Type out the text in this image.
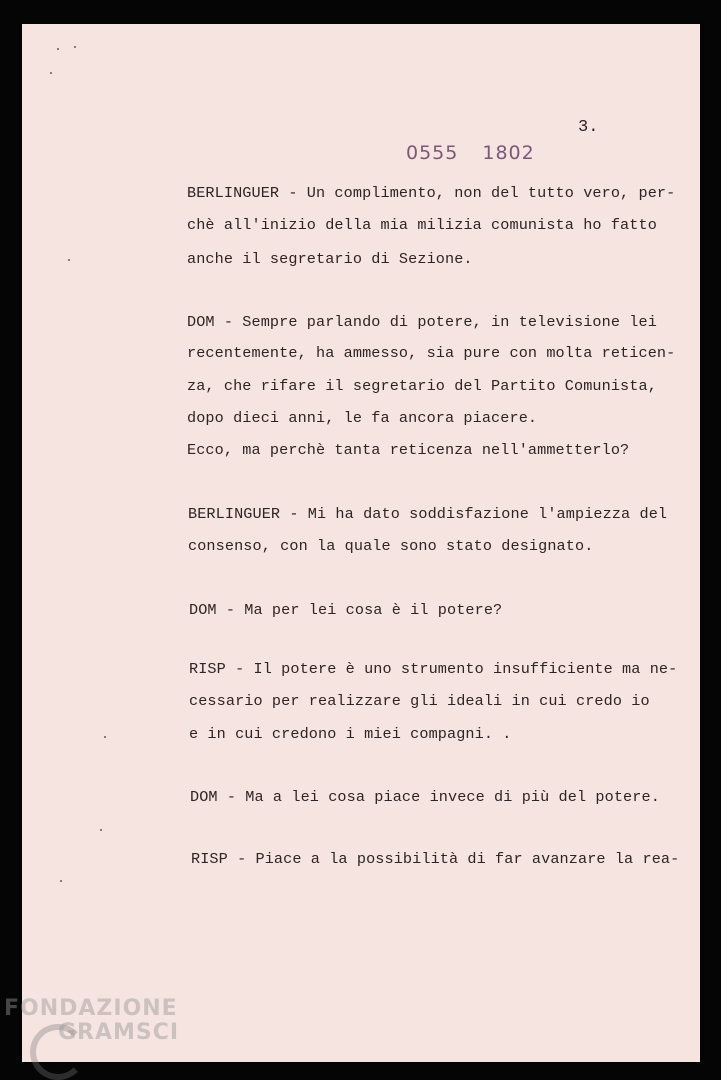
3.
0555 1802
BERLINGUER - Un complimento, non del tutto vero, per-
chè all'inizio della mia milizia comunista ho fatto
anche il segretario di Sezione.
DOM - Sempre parlando di potere, in televisione lei
recentemente, ha ammesso, sia pure con molta reticen-
za, che rifare il segretario del Partito Comunista,
dopo dieci anni, le fa ancora piacere.
Ecco, ma perchè tanta reticenza nell'ammetterlo?
BERLINGUER - Mi ha dato soddisfazione l'ampiezza del
consenso, con la quale sono stato designato.
DOM - Ma per lei cosa è il potere?
RISP - Il potere è uno strumento insufficiente ma ne-
cessario per realizzare gli ideali in cui credo io
e in cui credono i miei compagni. .
DOM - Ma a lei cosa piace invece di più del potere.
RISP - Piace a la possibilità di far avanzare la rea-
FONDAZIONE
GRAMSCI
